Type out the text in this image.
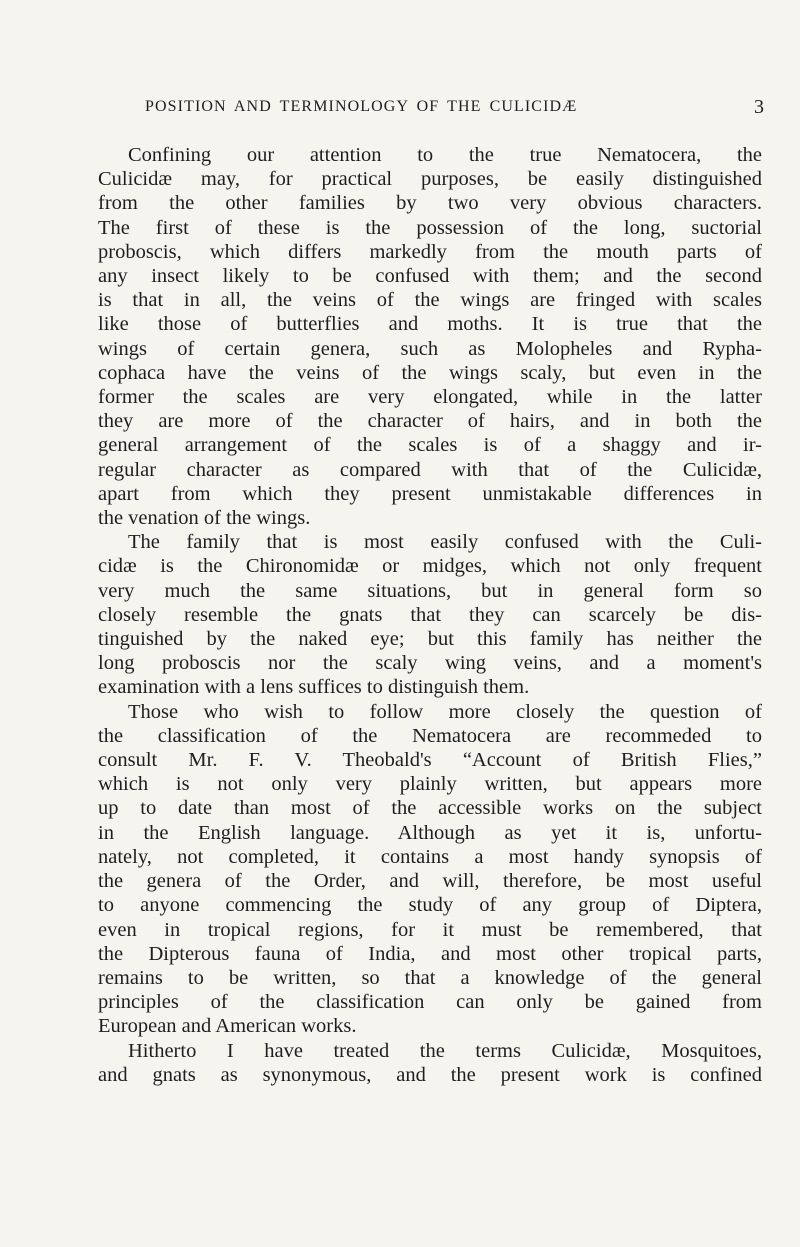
POSITION AND TERMINOLOGY OF THE CULICIDÆ	3

Confining our attention to the true Nematocera, the
Culicidæ may, for practical purposes, be easily distinguished
from the other families by two very obvious characters.
The first of these is the possession of the long, suctorial
proboscis, which differs markedly from the mouth parts of
any insect likely to be confused with them; and the second
is that in all, the veins of the wings are fringed with scales
like those of butterflies and moths. It is true that the
wings of certain genera, such as Molopheles and Rypha-
cophaca have the veins of the wings scaly, but even in the
former the scales are very elongated, while in the latter
they are more of the character of hairs, and in both the
general arrangement of the scales is of a shaggy and ir-
regular character as compared with that of the Culicidæ,
apart from which they present unmistakable differences in
the venation of the wings.

The family that is most easily confused with the Culi-
cidæ is the Chironomidæ or midges, which not only frequent
very much the same situations, but in general form so
closely resemble the gnats that they can scarcely be dis-
tinguished by the naked eye; but this family has neither the
long proboscis nor the scaly wing veins, and a moment's
examination with a lens suffices to distinguish them.

Those who wish to follow more closely the question of
the classification of the Nematocera are recommeded to
consult Mr. F. V. Theobald's “Account of British Flies,”
which is not only very plainly written, but appears more
up to date than most of the accessible works on the subject
in the English language. Although as yet it is, unfortu-
nately, not completed, it contains a most handy synopsis of
the genera of the Order, and will, therefore, be most useful
to anyone commencing the study of any group of Diptera,
even in tropical regions, for it must be remembered, that
the Dipterous fauna of India, and most other tropical parts,
remains to be written, so that a knowledge of the general
principles of the classification can only be gained from
European and American works.

Hitherto I have treated the terms Culicidæ, Mosquitoes,
and gnats as synonymous, and the present work is confined
